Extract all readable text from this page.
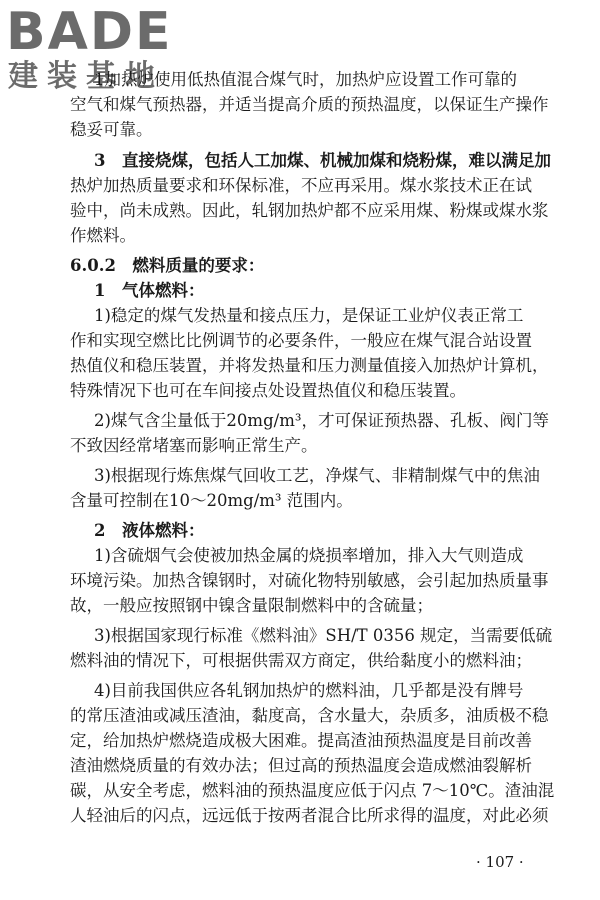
BADE
建装基地
1加热炉使用低热值混合煤气时，加热炉应设置工作可靠的
空气和煤气预热器，并适当提高介质的预热温度，以保证生产操作
稳妥可靠。
3　直接烧煤，包括人工加煤、机械加煤和烧粉煤，难以满足加
热炉加热质量要求和环保标准，不应再采用。煤水浆技术正在试
验中，尚未成熟。因此，轧钢加热炉都不应采用煤、粉煤或煤水浆
作燃料。
6.0.2　燃料质量的要求：
1　气体燃料：
1)稳定的煤气发热量和接点压力，是保证工业炉仪表正常工
作和实现空燃比比例调节的必要条件，一般应在煤气混合站设置
热值仪和稳压装置，并将发热量和压力测量值接入加热炉计算机，
特殊情况下也可在车间接点处设置热值仪和稳压装置。
2)煤气含尘量低于20mg/m³，才可保证预热器、孔板、阀门等
不致因经常堵塞而影响正常生产。
3)根据现行炼焦煤气回收工艺，净煤气、非精制煤气中的焦油
含量可控制在10～20mg/m³ 范围内。
2　液体燃料：
1)含硫烟气会使被加热金属的烧损率增加，排入大气则造成
环境污染。加热含镍钢时，对硫化物特别敏感，会引起加热质量事
故，一般应按照钢中镍含量限制燃料中的含硫量；
3)根据国家现行标准《燃料油》SH/T 0356 规定，当需要低硫
燃料油的情况下，可根据供需双方商定，供给黏度小的燃料油；
4)目前我国供应各轧钢加热炉的燃料油，几乎都是没有牌号
的常压渣油或减压渣油，黏度高，含水量大，杂质多，油质极不稳
定，给加热炉燃烧造成极大困难。提高渣油预热温度是目前改善
渣油燃烧质量的有效办法；但过高的预热温度会造成燃油裂解析
碳，从安全考虑，燃料油的预热温度应低于闪点 7～10℃。渣油混
人轻油后的闪点，远远低于按两者混合比所求得的温度，对此必须
· 107 ·
